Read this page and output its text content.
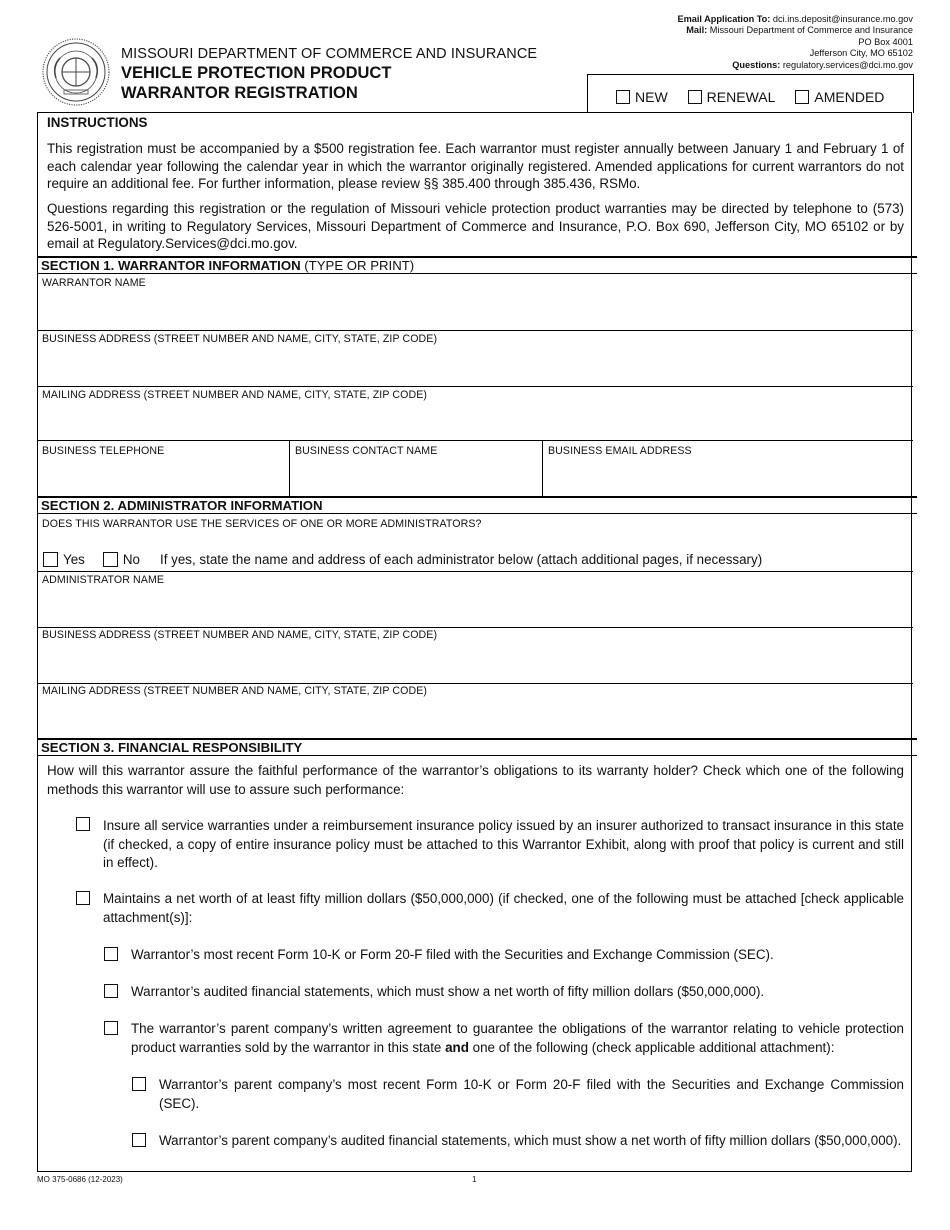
MISSOURI DEPARTMENT OF COMMERCE AND INSURANCE
VEHICLE PROTECTION PRODUCT
WARRANTOR REGISTRATION
Email Application To: dci.ins.deposit@insurance.mo.gov
Mail: Missouri Department of Commerce and Insurance
PO Box 4001
Jefferson City, MO 65102
Questions: regulatory.services@dci.mo.gov
NEW	RENEWAL	AMENDED
INSTRUCTIONS
This registration must be accompanied by a $500 registration fee. Each warrantor must register annually between January 1 and February 1 of each calendar year following the calendar year in which the warrantor originally registered. Amended applications for current warrantors do not require an additional fee. For further information, please review §§ 385.400 through 385.436, RSMo.
Questions regarding this registration or the regulation of Missouri vehicle protection product warranties may be directed by telephone to (573) 526-5001, in writing to Regulatory Services, Missouri Department of Commerce and Insurance, P.O. Box 690, Jefferson City, MO 65102 or by email at Regulatory.Services@dci.mo.gov.
SECTION 1. WARRANTOR INFORMATION (TYPE OR PRINT)
WARRANTOR NAME
BUSINESS ADDRESS (STREET NUMBER AND NAME, CITY, STATE, ZIP CODE)
MAILING ADDRESS (STREET NUMBER AND NAME, CITY, STATE, ZIP CODE)
BUSINESS TELEPHONE	BUSINESS CONTACT NAME	BUSINESS EMAIL ADDRESS
SECTION 2. ADMINISTRATOR INFORMATION
DOES THIS WARRANTOR USE THE SERVICES OF ONE OR MORE ADMINISTRATORS?
Yes	No If yes, state the name and address of each administrator below (attach additional pages, if necessary)
ADMINISTRATOR NAME
BUSINESS ADDRESS (STREET NUMBER AND NAME, CITY, STATE, ZIP CODE)
MAILING ADDRESS (STREET NUMBER AND NAME, CITY, STATE, ZIP CODE)
SECTION 3. FINANCIAL RESPONSIBILITY
How will this warrantor assure the faithful performance of the warrantor’s obligations to its warranty holder? Check which one of the following methods this warrantor will use to assure such performance:
Insure all service warranties under a reimbursement insurance policy issued by an insurer authorized to transact insurance in this state (if checked, a copy of entire insurance policy must be attached to this Warrantor Exhibit, along with proof that policy is current and still in effect).
Maintains a net worth of at least fifty million dollars ($50,000,000) (if checked, one of the following must be attached [check applicable attachment(s)]:
Warrantor’s most recent Form 10-K or Form 20-F filed with the Securities and Exchange Commission (SEC).
Warrantor’s audited financial statements, which must show a net worth of fifty million dollars ($50,000,000).
The warrantor’s parent company’s written agreement to guarantee the obligations of the warrantor relating to vehicle protection product warranties sold by the warrantor in this state and one of the following (check applicable additional attachment):
Warrantor’s parent company’s most recent Form 10-K or Form 20-F filed with the Securities and Exchange Commission (SEC).
Warrantor’s parent company’s audited financial statements, which must show a net worth of fifty million dollars ($50,000,000).
MO 375-0686 (12-2023)	1
